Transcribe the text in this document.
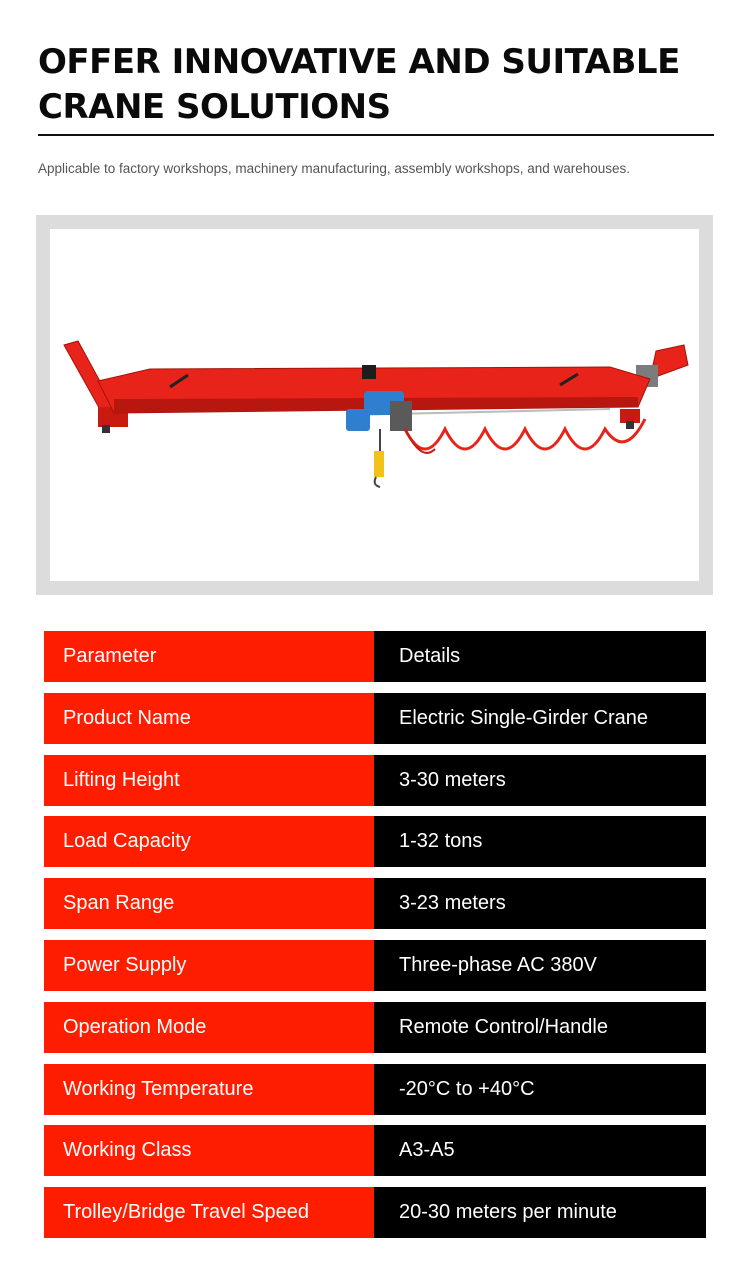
OFFER INNOVATIVE AND SUITABLE
CRANE SOLUTIONS
Applicable to factory workshops, machinery manufacturing, assembly workshops, and warehouses.
Parameter	Details
Product Name	Electric Single-Girder Crane
Lifting Height	3-30 meters
Load Capacity	1-32 tons
Span Range	3-23 meters
Power Supply	Three-phase AC 380V
Operation Mode	Remote Control/Handle
Working Temperature	-20°C to +40°C
Working Class	A3-A5
Trolley/Bridge Travel Speed	20-30 meters per minute
